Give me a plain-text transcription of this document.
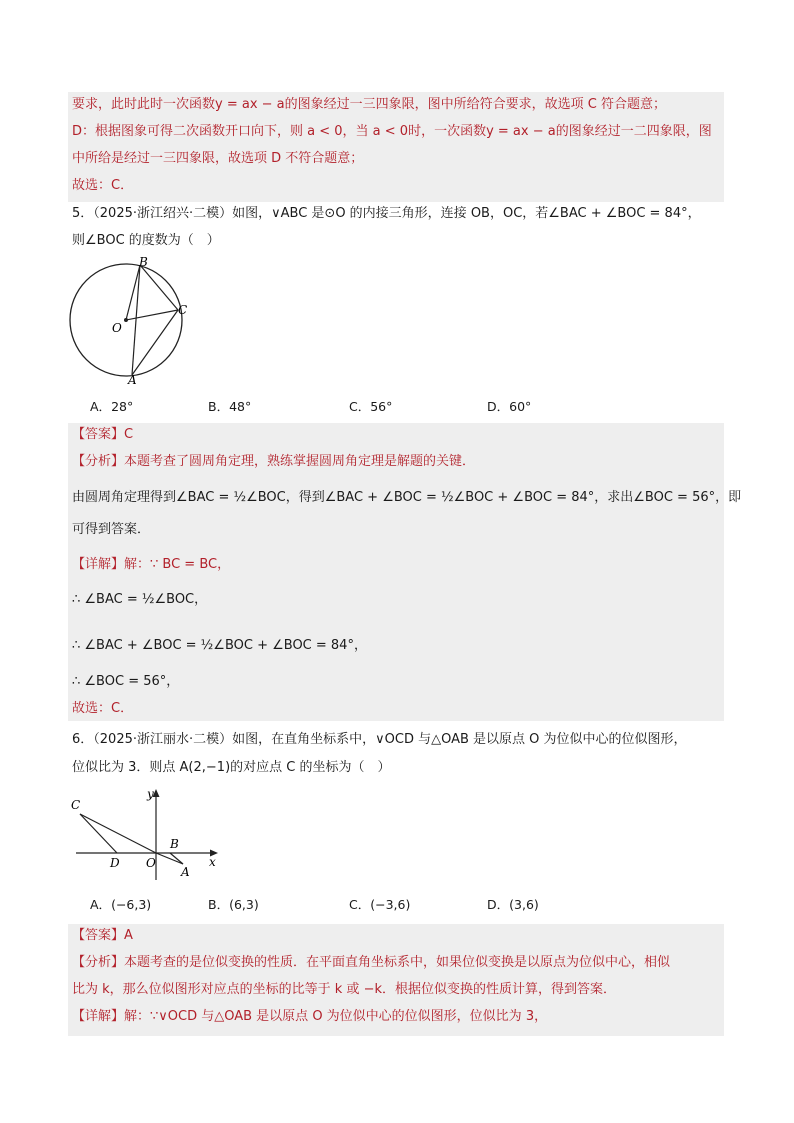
要求，此时此时一次函数y = ax − a的图象经过一三四象限，图中所给符合要求，故选项 C 符合题意；
D：根据图象可得二次函数开口向下，则 a < 0，当 a < 0时，一次函数y = ax − a的图象经过一二四象限，图
中所给是经过一三四象限，故选项 D 不符合题意；
故选：C．
5．（2025·浙江绍兴·二模）如图，∨ABC 是⊙O 的内接三角形，连接 OB，OC，若∠BAC + ∠BOC = 84°，
则∠BOC 的度数为（　）
B
C
O
A
A．28°	B．48°	C．56°	D．60°
【答案】C
【分析】本题考查了圆周角定理，熟练掌握圆周角定理是解题的关键．
由圆周角定理得到∠BAC = ½∠BOC，得到∠BAC + ∠BOC = ½∠BOC + ∠BOC = 84°，求出∠BOC = 56°，即
可得到答案．
【详解】解：∵ BC = BC，
∴ ∠BAC = ½∠BOC，
∴ ∠BAC + ∠BOC = ½∠BOC + ∠BOC = 84°，
∴ ∠BOC = 56°，
故选：C．
6．（2025·浙江丽水·二模）如图，在直角坐标系中，∨OCD 与△OAB 是以原点 O 为位似中心的位似图形，
位似比为 3．则点 A(2,−1)的对应点 C 的坐标为（　）
C
y
B
D O	x
A
A．(−6,3)	B．(6,3)	C．(−3,6)	D．(3,6)
【答案】A
【分析】本题考查的是位似变换的性质．在平面直角坐标系中，如果位似变换是以原点为位似中心，相似
比为 k，那么位似图形对应点的坐标的比等于 k 或 −k．根据位似变换的性质计算，得到答案．
【详解】解：∵∨OCD 与△OAB 是以原点 O 为位似中心的位似图形，位似比为 3，
